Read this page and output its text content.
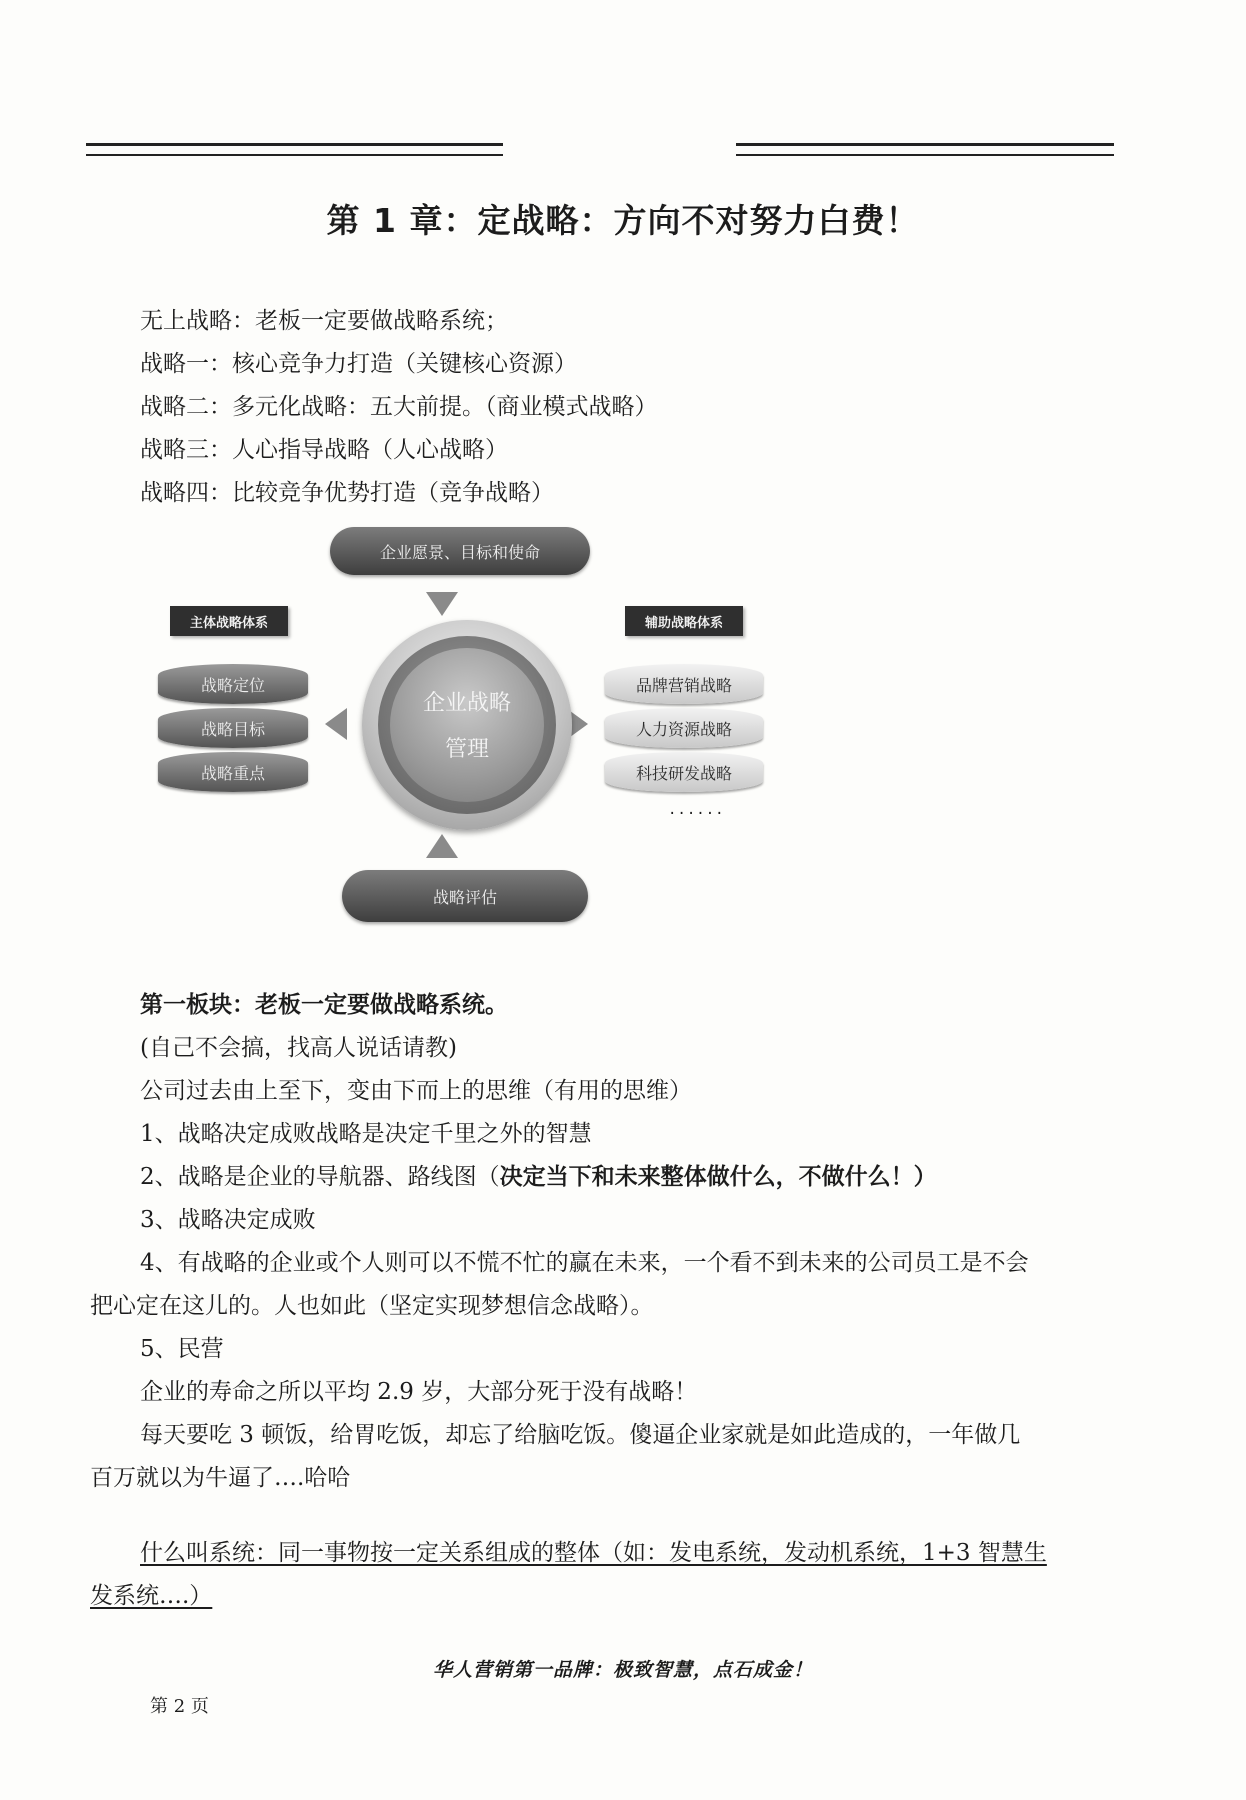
第 1 章：定战略：方向不对努力白费！
无上战略：老板一定要做战略系统；
战略一：核心竞争力打造（关键核心资源）
战略二：多元化战略：五大前提。（商业模式战略）
战略三：人心指导战略（人心战略）
战略四：比较竞争优势打造（竞争战略）
企业愿景、目标和使命
战略评估
企业战略
管理
主体战略体系	辅助战略体系
战略定位
战略目标
战略重点
品牌营销战略
人力资源战略
科技研发战略
......
第一板块：老板一定要做战略系统。
(自己不会搞，找高人说话请教)
公司过去由上至下，变由下而上的思维（有用的思维）
1、战略决定成败战略是决定千里之外的智慧
2、战略是企业的导航器、路线图（决定当下和未来整体做什么，不做什么！）
3、战略决定成败
4、有战略的企业或个人则可以不慌不忙的赢在未来，一个看不到未来的公司员工是不会
把心定在这儿的。人也如此（坚定实现梦想信念战略）。
5、民营
企业的寿命之所以平均 2.9 岁，大部分死于没有战略！
每天要吃 3 顿饭，给胃吃饭，却忘了给脑吃饭。傻逼企业家就是如此造成的，一年做几
百万就以为牛逼了….哈哈
什么叫系统：同一事物按一定关系组成的整体（如：发电系统，发动机系统，1+3 智慧生
发系统….）
华人营销第一品牌：极致智慧，点石成金！
第 2 页
